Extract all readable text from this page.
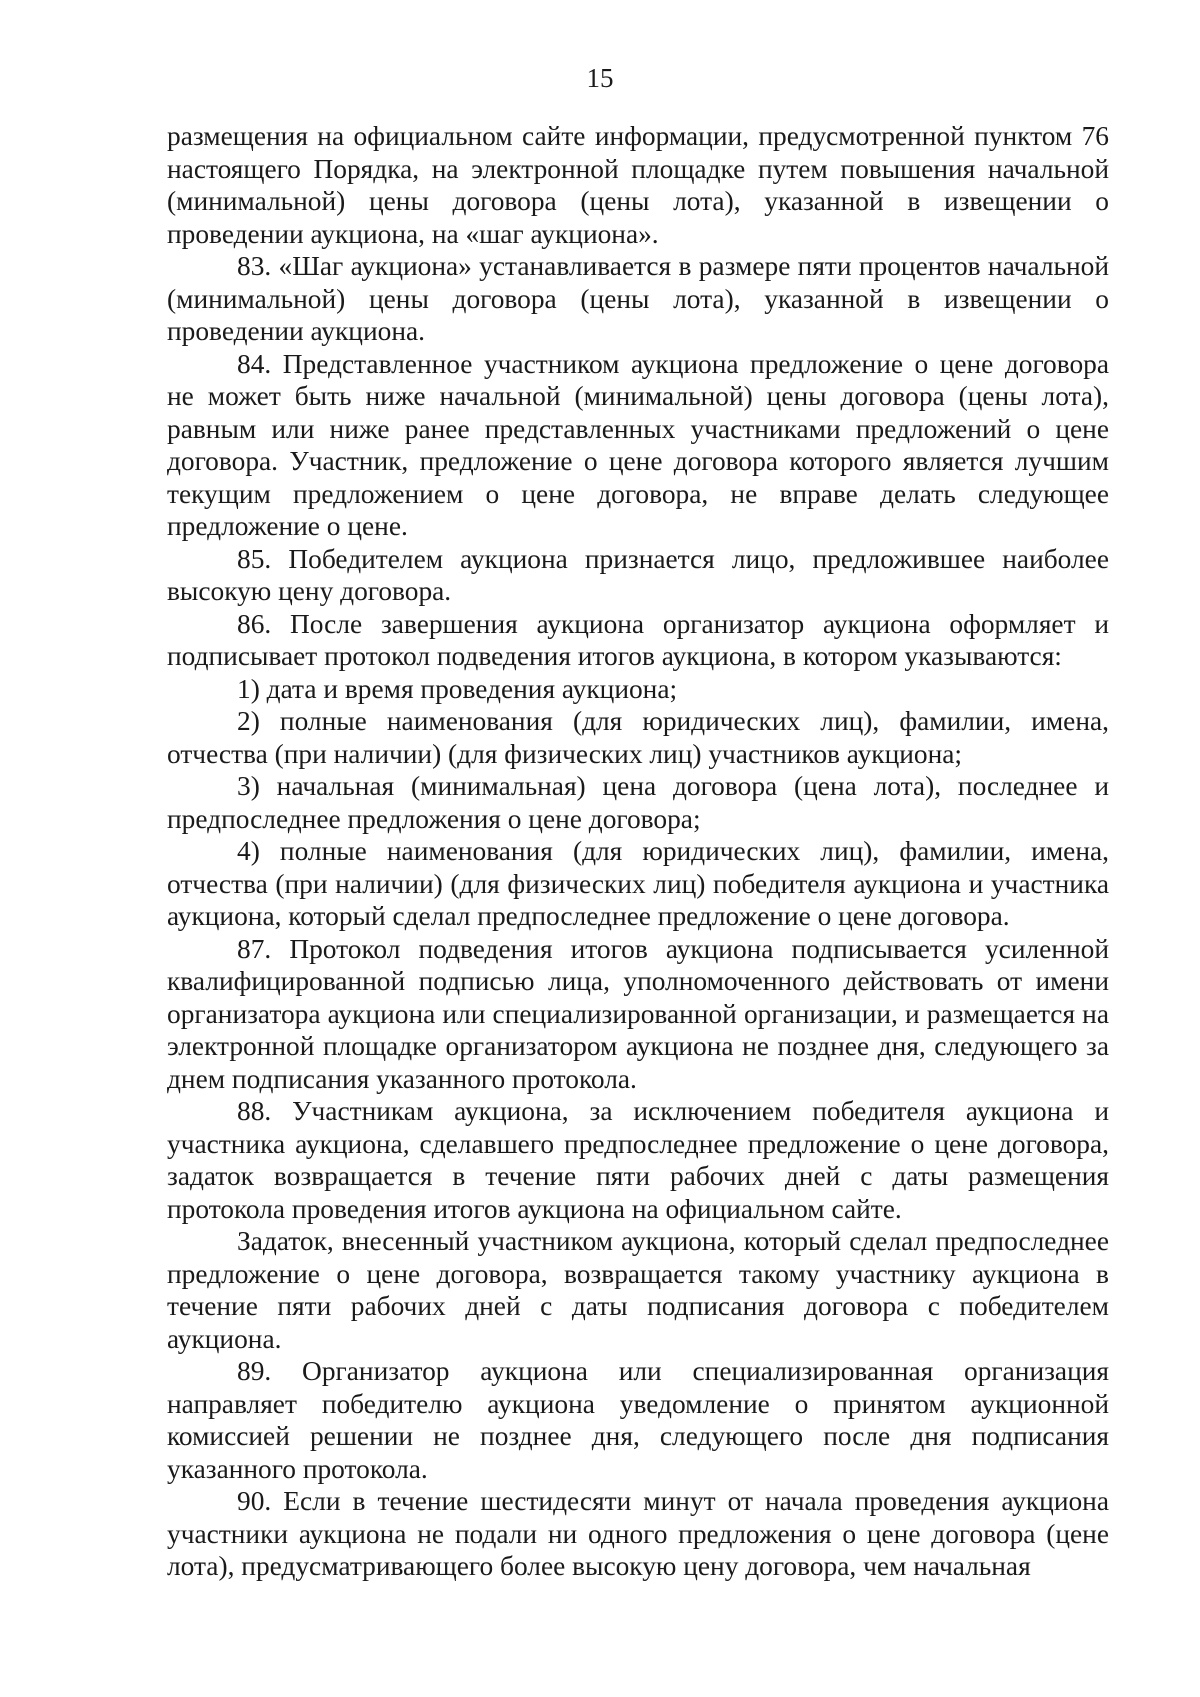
15

размещения на официальном сайте информации, предусмотренной пунктом 76 настоящего Порядка, на электронной площадке путем повышения начальной (минимальной) цены договора (цены лота), указанной в извещении о проведении аукциона, на «шаг аукциона».

83. «Шаг аукциона» устанавливается в размере пяти процентов начальной (минимальной) цены договора (цены лота), указанной в извещении о проведении аукциона.

84. Представленное участником аукциона предложение о цене договора не может быть ниже начальной (минимальной) цены договора (цены лота), равным или ниже ранее представленных участниками предложений о цене договора. Участник, предложение о цене договора которого является лучшим текущим предложением о цене договора, не вправе делать следующее предложение о цене.

85. Победителем аукциона признается лицо, предложившее наиболее высокую цену договора.

86. После завершения аукциона организатор аукциона оформляет и подписывает протокол подведения итогов аукциона, в котором указываются:

1) дата и время проведения аукциона;

2) полные наименования (для юридических лиц), фамилии, имена, отчества (при наличии) (для физических лиц) участников аукциона;

3) начальная (минимальная) цена договора (цена лота), последнее и предпоследнее предложения о цене договора;

4) полные наименования (для юридических лиц), фамилии, имена, отчества (при наличии) (для физических лиц) победителя аукциона и участника аукциона, который сделал предпоследнее предложение о цене договора.

87. Протокол подведения итогов аукциона подписывается усиленной квалифицированной подписью лица, уполномоченного действовать от имени организатора аукциона или специализированной организации, и размещается на электронной площадке организатором аукциона не позднее дня, следующего за днем подписания указанного протокола.

88. Участникам аукциона, за исключением победителя аукциона и участника аукциона, сделавшего предпоследнее предложение о цене договора, задаток возвращается в течение пяти рабочих дней с даты размещения протокола проведения итогов аукциона на официальном сайте.

Задаток, внесенный участником аукциона, который сделал предпоследнее предложение о цене договора, возвращается такому участнику аукциона в течение пяти рабочих дней с даты подписания договора с победителем аукциона.

89. Организатор аукциона или специализированная организация направляет победителю аукциона уведомление о принятом аукционной комиссией решении не позднее дня, следующего после дня подписания указанного протокола.

90. Если в течение шестидесяти минут от начала проведения аукциона участники аукциона не подали ни одного предложения о цене договора (цене лота), предусматривающего более высокую цену договора, чем начальная
